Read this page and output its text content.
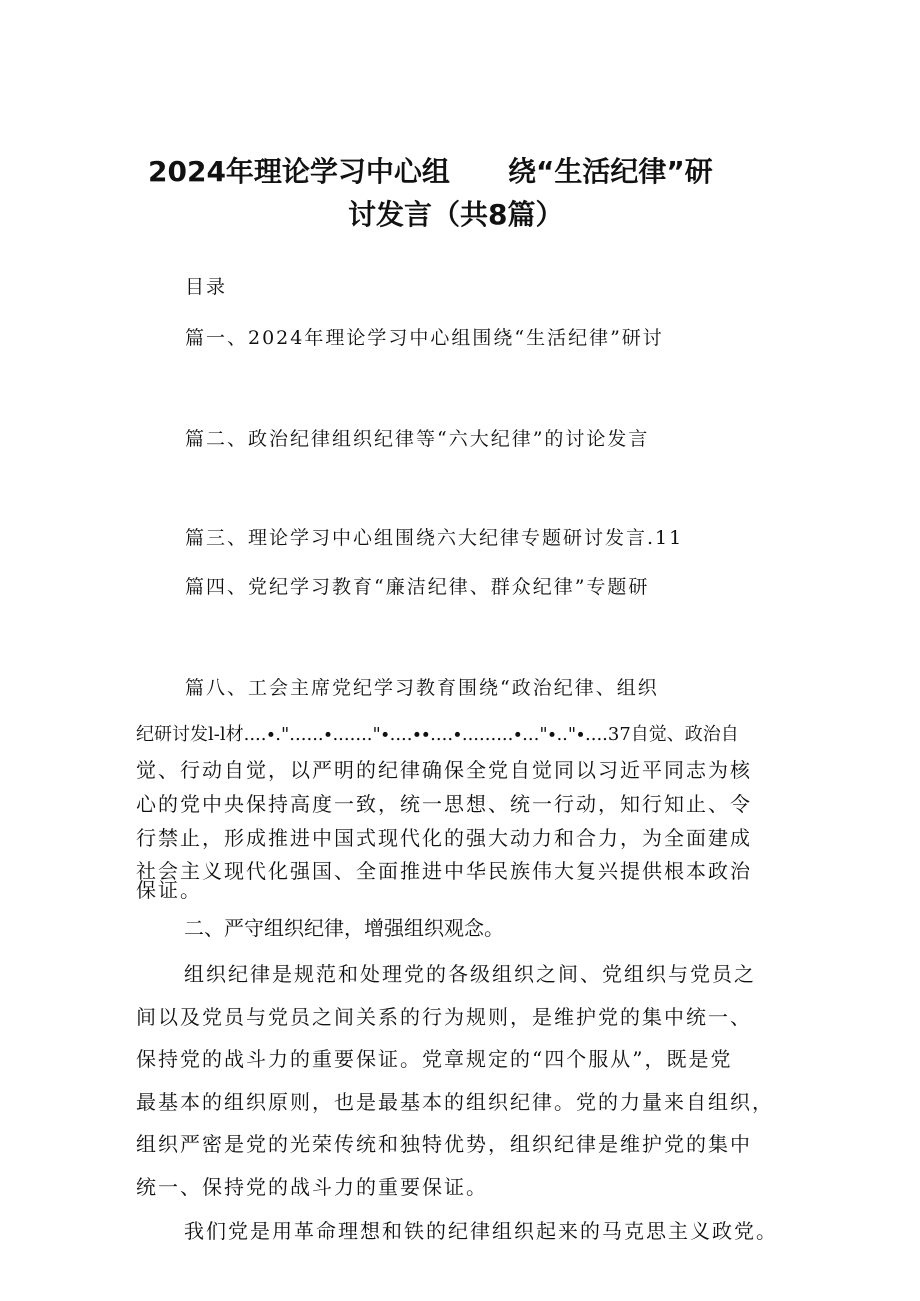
2024年理论学习中心组 绕“生活纪律”研
讨发言（共8篇）
目录
篇一、2024年理论学习中心组围绕“生活纪律”研讨
篇二、政治纪律组织纪律等“六大纪律”的讨论发言
篇三、理论学习中心组围绕六大纪律专题研讨发言.11
篇四、党纪学习教育“廉洁纪律、群众纪律”专题研
篇八、工会主席党纪学习教育围绕“政治纪律、组织
纪研讨发l-l材....∙."......∙......."∙....∙∙....∙.........∙..."∙.."∙....37自觉、政治自
觉、行动自觉，以严明的纪律确保全党自觉同以习近平同志为核
心的党中央保持高度一致，统一思想、统一行动，知行知止、令
行禁止，形成推进中国式现代化的强大动力和合力，为全面建成
社会主义现代化强国、全面推进中华民族伟大复兴提供根本政治
保证。
二、严守组织纪律，增强组织观念。
组织纪律是规范和处理党的各级组织之间、党组织与党员之
间以及党员与党员之间关系的行为规则，是维护党的集中统一、
保持党的战斗力的重要保证。党章规定的“四个服从”，既是党
最基本的组织原则，也是最基本的组织纪律。党的力量来自组织，
组织严密是党的光荣传统和独特优势，组织纪律是维护党的集中
统一、保持党的战斗力的重要保证。
我们党是用革命理想和铁的纪律组织起来的马克思主义政党。
